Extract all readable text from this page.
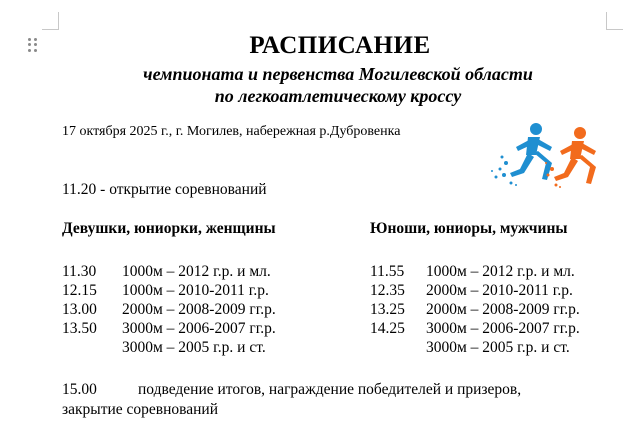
РАСПИСАНИЕ
чемпионата и первенства Могилевской области
по легкоатлетическому кроссу
17 октября 2025 г., г. Могилев, набережная р.Дубровенка
11.20 - открытие соревнований
Девушки, юниорки, женщины	Юноши, юниоры, мужчины
11.30	1000м – 2012 г.р. и мл.
12.15	1000м – 2010-2011 г.р.
13.00	2000м – 2008-2009 гг.р.
13.50	3000м – 2006-2007 гг.р.
3000м – 2005 г.р. и ст.
11.55	1000м – 2012 г.р. и мл.
12.35	2000м – 2010-2011 г.р.
13.25	2000м – 2008-2009 гг.р.
14.25	3000м – 2006-2007 гг.р.
3000м – 2005 г.р. и ст.
15.00	подведение итогов, награждение победителей и призеров,
закрытие соревнований
